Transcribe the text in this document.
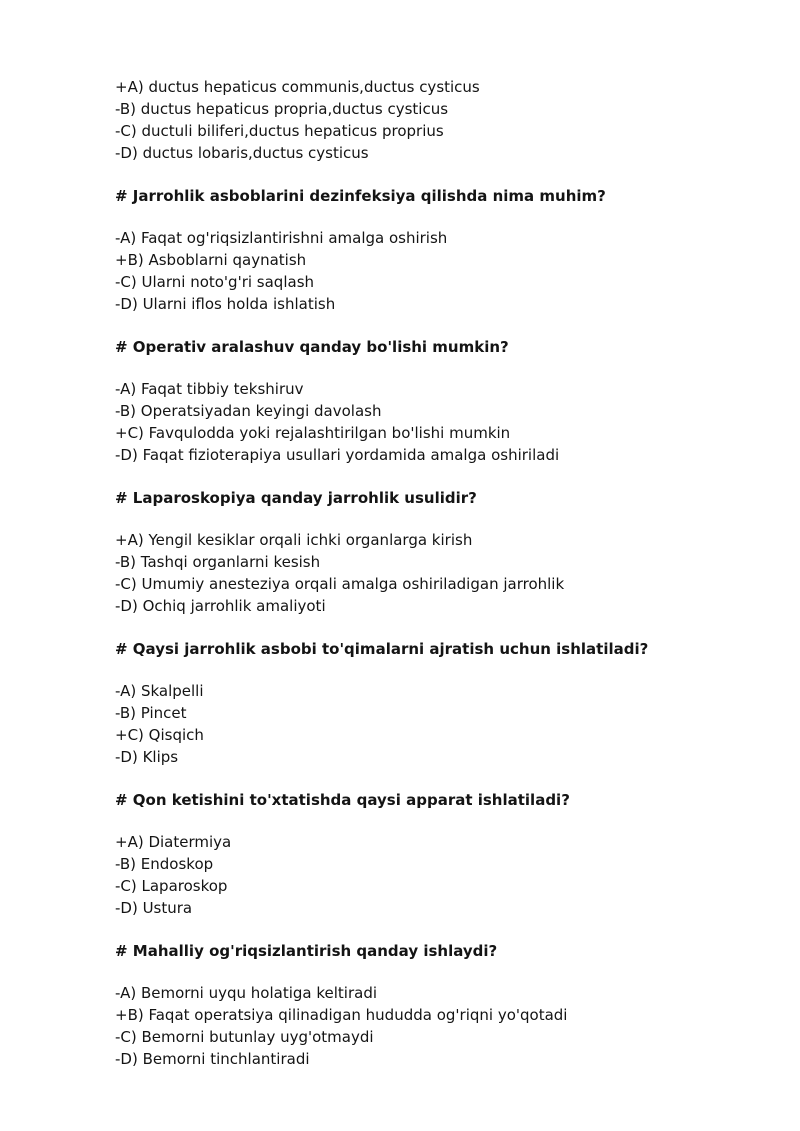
+A) ductus hepaticus communis,ductus cysticus
-B) ductus hepaticus propria,ductus cysticus
-C) ductuli biliferi,ductus hepaticus proprius
-D) ductus lobaris,ductus cysticus
# Jarrohlik asboblarini dezinfeksiya qilishda nima muhim?
-A) Faqat og'riqsizlantirishni amalga oshirish
+B) Asboblarni qaynatish
-C) Ularni noto'g'ri saqlash
-D) Ularni iflos holda ishlatish
# Operativ aralashuv qanday bo'lishi mumkin?
-A) Faqat tibbiy tekshiruv
-B) Operatsiyadan keyingi davolash
+C) Favqulodda yoki rejalashtirilgan bo'lishi mumkin
-D) Faqat fizioterapiya usullari yordamida amalga oshiriladi
# Laparoskopiya qanday jarrohlik usulidir?
+A) Yengil kesiklar orqali ichki organlarga kirish
-B) Tashqi organlarni kesish
-C) Umumiy anesteziya orqali amalga oshiriladigan jarrohlik
-D) Ochiq jarrohlik amaliyoti
# Qaysi jarrohlik asbobi to'qimalarni ajratish uchun ishlatiladi?
-A) Skalpelli
-B) Pincet
+C) Qisqich
-D) Klips
# Qon ketishini to'xtatishda qaysi apparat ishlatiladi?
+A) Diatermiya
-B) Endoskop
-C) Laparoskop
-D) Ustura
# Mahalliy og'riqsizlantirish qanday ishlaydi?
-A) Bemorni uyqu holatiga keltiradi
+B) Faqat operatsiya qilinadigan hududda og'riqni yo'qotadi
-C) Bemorni butunlay uyg'otmaydi
-D) Bemorni tinchlantiradi
